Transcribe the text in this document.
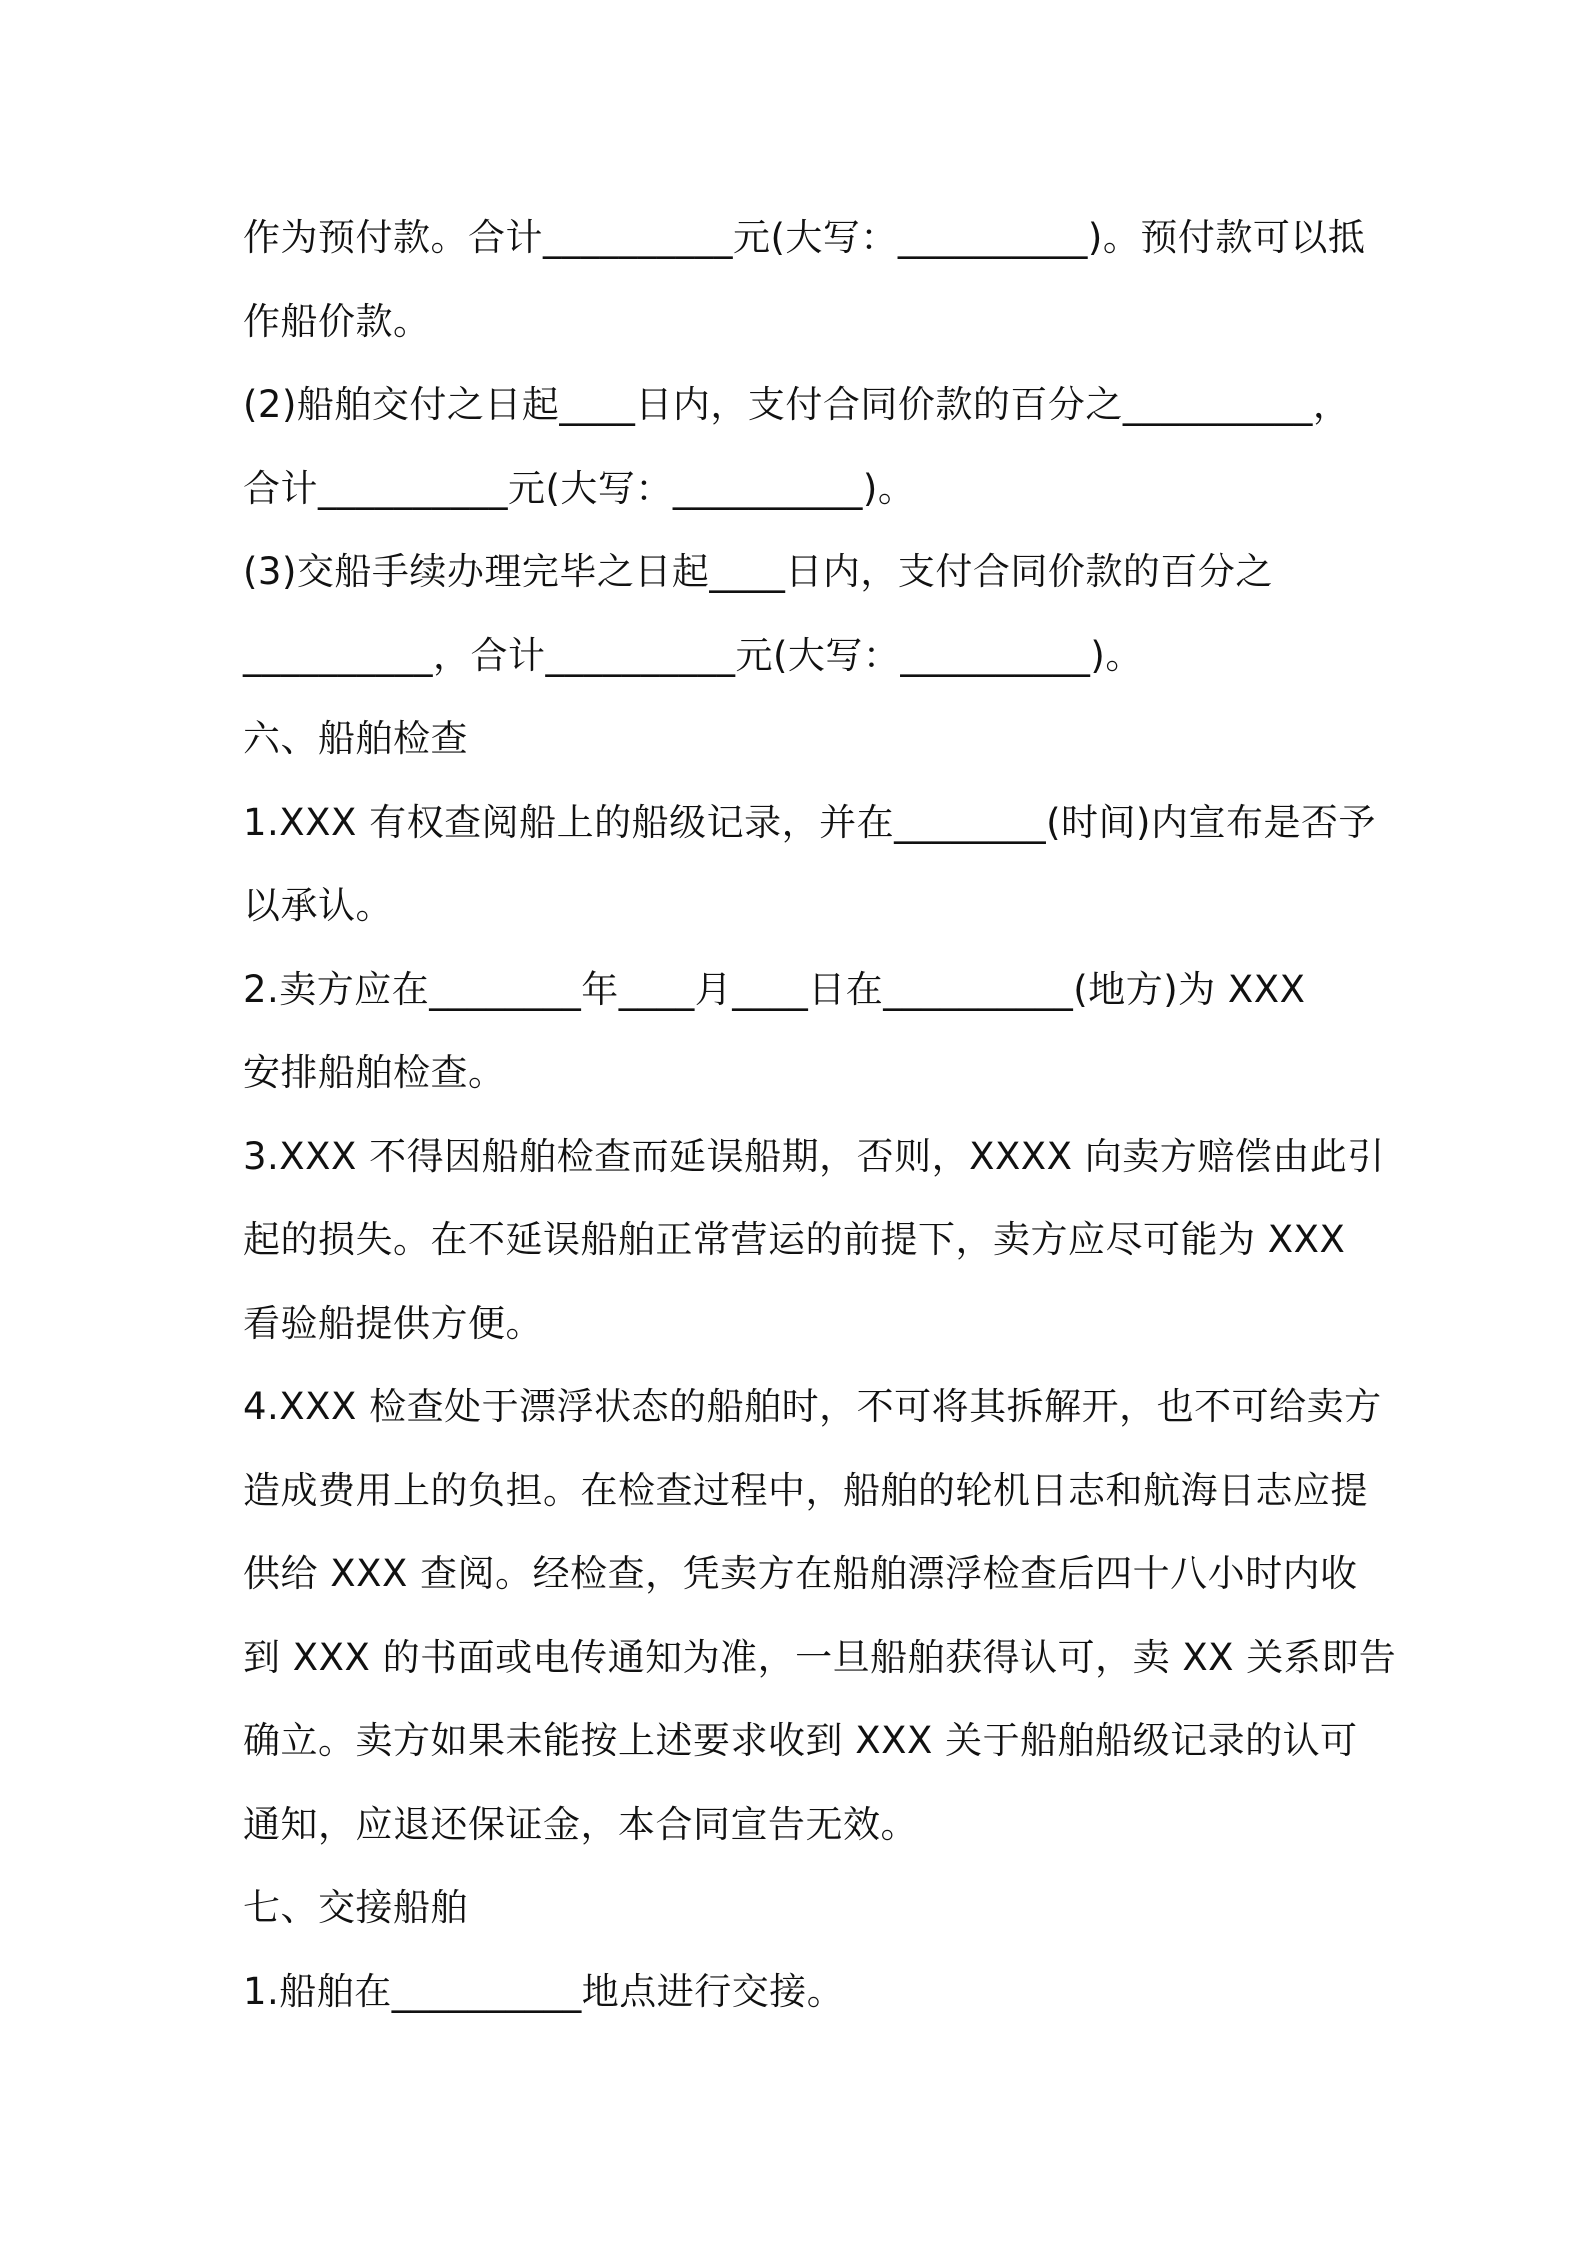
作为预付款。合计__________元(大写：__________)。预付款可以抵
作船价款。
(2)船舶交付之日起____日内，支付合同价款的百分之__________，
合计__________元(大写：__________)。
(3)交船手续办理完毕之日起____日内，支付合同价款的百分之
__________，合计__________元(大写：__________)。
六、船舶检查
1.XXX 有权查阅船上的船级记录，并在________(时间)内宣布是否予
以承认。
2.卖方应在________年____月____日在__________(地方)为 XXX
安排船舶检查。
3.XXX 不得因船舶检查而延误船期，否则，XXXX 向卖方赔偿由此引
起的损失。在不延误船舶正常营运的前提下，卖方应尽可能为 XXX
看验船提供方便。
4.XXX 检查处于漂浮状态的船舶时，不可将其拆解开，也不可给卖方
造成费用上的负担。在检查过程中，船舶的轮机日志和航海日志应提
供给 XXX 查阅。经检查，凭卖方在船舶漂浮检查后四十八小时内收
到 XXX 的书面或电传通知为准，一旦船舶获得认可，卖 XX 关系即告
确立。卖方如果未能按上述要求收到 XXX 关于船舶船级记录的认可
通知，应退还保证金，本合同宣告无效。
七、交接船舶
1.船舶在__________地点进行交接。
